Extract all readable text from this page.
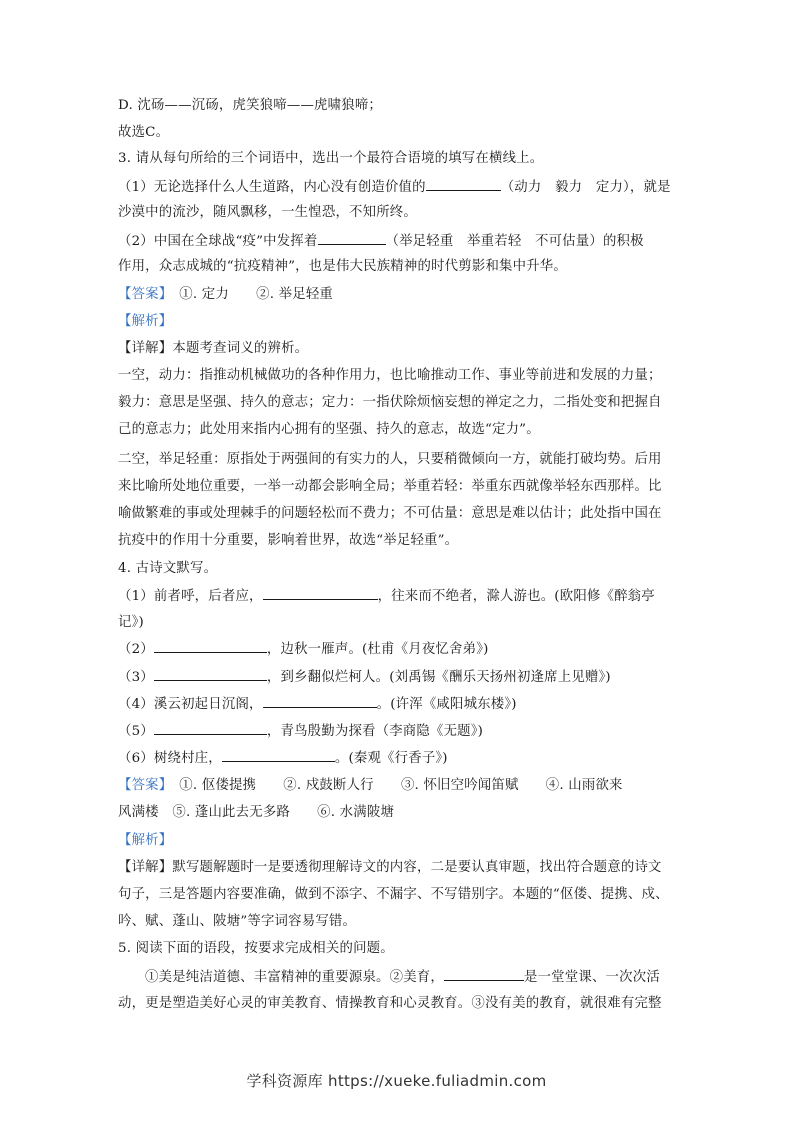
D. 沈砀——沉砀，虎笑狼啼——虎啸狼啼；
故选C。
3. 请从每句所给的三个词语中，选出一个最符合语境的填写在横线上。
（1）无论选择什么人生道路，内心没有创造价值的	（动力　毅力　定力），就是
沙漠中的流沙，随风飘移，一生惶恐，不知所终。
（2）中国在全球战“疫”中发挥着	（举足轻重　举重若轻　不可估量）的积极
作用，众志成城的“抗疫精神”，也是伟大民族精神的时代剪影和集中升华。
【答案】　①. 定力　　②. 举足轻重
【解析】
【详解】本题考查词义的辨析。
一空，动力：指推动机械做功的各种作用力，也比喻推动工作、事业等前进和发展的力量；
毅力：意思是坚强、持久的意志；定力：一指伏除烦恼妄想的禅定之力，二指处变和把握自
己的意志力；此处用来指内心拥有的坚强、持久的意志，故选“定力”。
二空，举足轻重：原指处于两强间的有实力的人，只要稍微倾向一方，就能打破均势。后用
来比喻所处地位重要，一举一动都会影响全局；举重若轻：举重东西就像举轻东西那样。比
喻做繁难的事或处理棘手的问题轻松而不费力；不可估量：意思是难以估计；此处指中国在
抗疫中的作用十分重要，影响着世界，故选“举足轻重”。
4. 古诗文默写。
（1）前者呼，后者应，	，往来而不绝者，滁人游也。(欧阳修《醉翁亭
记》)
（2）	，边秋一雁声。(杜甫《月夜忆舍弟》)
（3）	，到乡翻似烂柯人。(刘禹锡《酬乐天扬州初逢席上见赠》)
（4）溪云初起日沉阁，	。(许浑《咸阳城东楼》)
（5）	，青鸟殷勤为探看（李商隐《无题》)
（6）树绕村庄，	。(秦观《行香子》)
【答案】　①. 伛偻提携　　②. 戍鼓断人行　　③. 怀旧空吟闻笛赋　　④. 山雨欲来
风满楼　⑤. 蓬山此去无多路　　⑥. 水满陂塘
【解析】
【详解】默写题解题时一是要透彻理解诗文的内容，二是要认真审题，找出符合题意的诗文
句子，三是答题内容要准确，做到不添字、不漏字、不写错别字。本题的“伛偻、提携、戍、
吟、赋、蓬山、陂塘”等字词容易写错。
5. 阅读下面的语段，按要求完成相关的问题。
①美是纯洁道德、丰富精神的重要源泉。②美育，	是一堂堂课、一次次活
动，更是塑造美好心灵的审美教育、情操教育和心灵教育。③没有美的教育，就很难有完整
学科资源库 https://xueke.fuliadmin.com
